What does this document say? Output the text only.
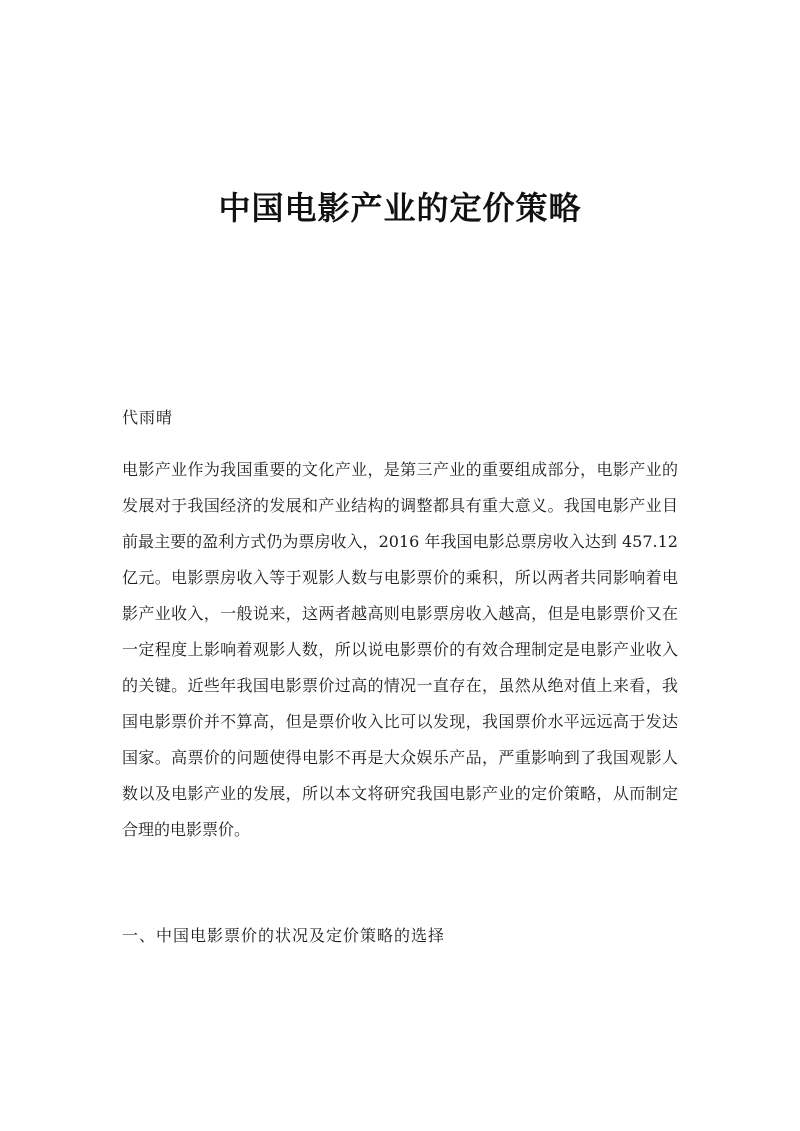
中国电影产业的定价策略
代雨晴
电影产业作为我国重要的文化产业，是第三产业的重要组成部分，电影产业的
发展对于我国经济的发展和产业结构的调整都具有重大意义。我国电影产业目
前最主要的盈利方式仍为票房收入，2016 年我国电影总票房收入达到 457.12
亿元。电影票房收入等于观影人数与电影票价的乘积，所以两者共同影响着电
影产业收入，一般说来，这两者越高则电影票房收入越高，但是电影票价又在
一定程度上影响着观影人数，所以说电影票价的有效合理制定是电影产业收入
的关键。近些年我国电影票价过高的情况一直存在，虽然从绝对值上来看，我
国电影票价并不算高，但是票价收入比可以发现，我国票价水平远远高于发达
国家。高票价的问题使得电影不再是大众娱乐产品，严重影响到了我国观影人
数以及电影产业的发展，所以本文将研究我国电影产业的定价策略，从而制定
合理的电影票价。
一、中国电影票价的状况及定价策略的选择
